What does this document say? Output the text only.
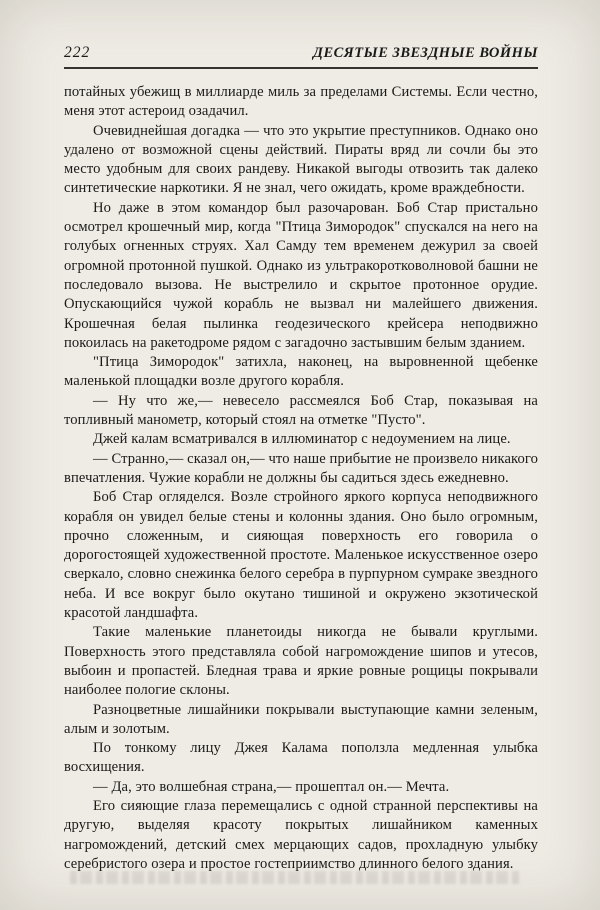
222	ДЕСЯТЫЕ ЗВЕЗДНЫЕ ВОЙНЫ

потайных убежищ в миллиарде миль за пределами Системы. Если честно, меня этот астероид озадачил.

Очевиднейшая догадка — что это укрытие преступников. Однако оно удалено от возможной сцены действий. Пираты вряд ли сочли бы это место удобным для своих рандеву. Никакой выгоды отвозить так далеко синтетические наркотики. Я не знал, чего ожидать, кроме враждебности.

Но даже в этом командор был разочарован. Боб Стар пристально осмотрел крошечный мир, когда "Птица Зимородок" спускался на него на голубых огненных струях. Хал Самду тем временем дежурил за своей огромной протонной пушкой. Однако из ультракоротковолновой башни не последовало вызова. Не выстрелило и скрытое протонное орудие. Опускающийся чужой корабль не вызвал ни малейшего движения. Крошечная белая пылинка геодезического крейсера неподвижно покоилась на ракетодроме рядом с загадочно застывшим белым зданием.

"Птица Зимородок" затихла, наконец, на выровненной щебенке маленькой площадки возле другого корабля.

— Ну что же,— невесело рассмеялся Боб Стар, показывая на топливный манометр, который стоял на отметке "Пусто".

Джей калам всматривался в иллюминатор с недоумением на лице.

— Странно,— сказал он,— что наше прибытие не произвело никакого впечатления. Чужие корабли не должны бы садиться здесь ежедневно.

Боб Стар огляделся. Возле стройного яркого корпуса неподвижного корабля он увидел белые стены и колонны здания. Оно было огромным, прочно сложенным, и сияющая поверхность его говорила о дорогостоящей художественной простоте. Маленькое искусственное озеро сверкало, словно снежинка белого серебра в пурпурном сумраке звездного неба. И все вокруг было окутано тишиной и окружено экзотической красотой ландшафта.

Такие маленькие планетоиды никогда не бывали круглыми. Поверхность этого представляла собой нагромождение шипов и утесов, выбоин и пропастей. Бледная трава и яркие ровные рощицы покрывали наиболее пологие склоны.

Разноцветные лишайники покрывали выступающие камни зеленым, алым и золотым.

По тонкому лицу Джея Калама поползла медленная улыбка восхищения.

— Да, это волшебная страна,— прошептал он.— Мечта.

Его сияющие глаза перемещались с одной странной перспективы на другую, выделяя красоту покрытых лишайником каменных нагромождений, детский смех мерцающих садов, прохладную улыбку серебристого озера и простое гостеприимство длинного белого здания.
